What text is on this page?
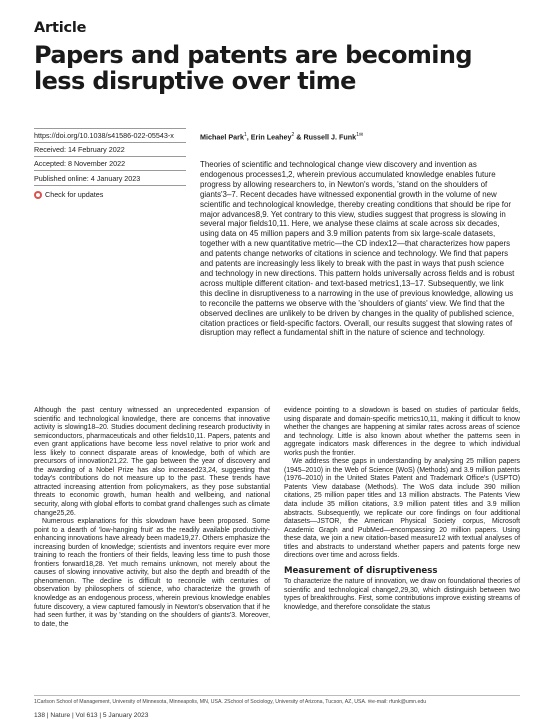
Article
Papers and patents are becoming less disruptive over time
https://doi.org/10.1038/s41586-022-05543-x
Received: 14 February 2022
Accepted: 8 November 2022
Published online: 4 January 2023
Check for updates
Michael Park$^1$, Erin Leahey$^2$ & Russell J. Funk$^{1✉}$
Theories of scientific and technological change view discovery and invention as endogenous processes1,2, wherein previous accumulated knowledge enables future progress by allowing researchers to, in Newton's words, 'stand on the shoulders of giants'3–7. Recent decades have witnessed exponential growth in the volume of new scientific and technological knowledge, thereby creating conditions that should be ripe for major advances8,9. Yet contrary to this view, studies suggest that progress is slowing in several major fields10,11. Here, we analyse these claims at scale across six decades, using data on 45 million papers and 3.9 million patents from six large-scale datasets, together with a new quantitative metric—the CD index12—that characterizes how papers and patents change networks of citations in science and technology. We find that papers and patents are increasingly less likely to break with the past in ways that push science and technology in new directions. This pattern holds universally across fields and is robust across multiple different citation- and text-based metrics1,13–17. Subsequently, we link this decline in disruptiveness to a narrowing in the use of previous knowledge, allowing us to reconcile the patterns we observe with the 'shoulders of giants' view. We find that the observed declines are unlikely to be driven by changes in the quality of published science, citation practices or field-specific factors. Overall, our results suggest that slowing rates of disruption may reflect a fundamental shift in the nature of science and technology.

Although the past century witnessed an unprecedented expansion of scientific and technological knowledge, there are concerns that innovative activity is slowing18–20. Studies document declining research productivity in semiconductors, pharmaceuticals and other fields10,11. Papers, patents and even grant applications have become less novel relative to prior work and less likely to connect disparate areas of knowledge, both of which are precursors of innovation21,22. The gap between the year of discovery and the awarding of a Nobel Prize has also increased23,24, suggesting that today's contributions do not measure up to the past. These trends have attracted increasing attention from policymakers, as they pose substantial threats to economic growth, human health and wellbeing, and national security, along with global efforts to combat grand challenges such as climate change25,26.

Numerous explanations for this slowdown have been proposed. Some point to a dearth of 'low-hanging fruit' as the readily available productivity-enhancing innovations have already been made19,27. Others emphasize the increasing burden of knowledge; scientists and inventors require ever more training to reach the frontiers of their fields, leaving less time to push those frontiers forward18,28. Yet much remains unknown, not merely about the causes of slowing innovative activity, but also the depth and breadth of the phenomenon. The decline is difficult to reconcile with centuries of observation by philosophers of science, who characterize the growth of knowledge as an endogenous process, wherein previous knowledge enables future discovery, a view captured famously in Newton's observation that if he had seen further, it was by 'standing on the shoulders of giants'3. Moreover, to date, the

evidence pointing to a slowdown is based on studies of particular fields, using disparate and domain-specific metrics10,11, making it difficult to know whether the changes are happening at similar rates across areas of science and technology. Little is also known about whether the patterns seen in aggregate indicators mask differences in the degree to which individual works push the frontier.

We address these gaps in understanding by analysing 25 million papers (1945–2010) in the Web of Science (WoS) (Methods) and 3.9 million patents (1976–2010) in the United States Patent and Trademark Office's (USPTO) Patents View database (Methods). The WoS data include 390 million citations, 25 million paper titles and 13 million abstracts. The Patents View data include 35 million citations, 3.9 million patent titles and 3.9 million abstracts. Subsequently, we replicate our core findings on four additional datasets—JSTOR, the American Physical Society corpus, Microsoft Academic Graph and PubMed—encompassing 20 million papers. Using these data, we join a new citation-based measure12 with textual analyses of titles and abstracts to understand whether papers and patents forge new directions over time and across fields.

Measurement of disruptiveness

To characterize the nature of innovation, we draw on foundational theories of scientific and technological change2,29,30, which distinguish between two types of breakthroughs. First, some contributions improve existing streams of knowledge, and therefore consolidate the status

1Carlson School of Management, University of Minnesota, Minneapolis, MN, USA. 2School of Sociology, University of Arizona, Tucson, AZ, USA. ✉e-mail: rfunk@umn.edu
138 | Nature | Vol 613 | 5 January 2023
